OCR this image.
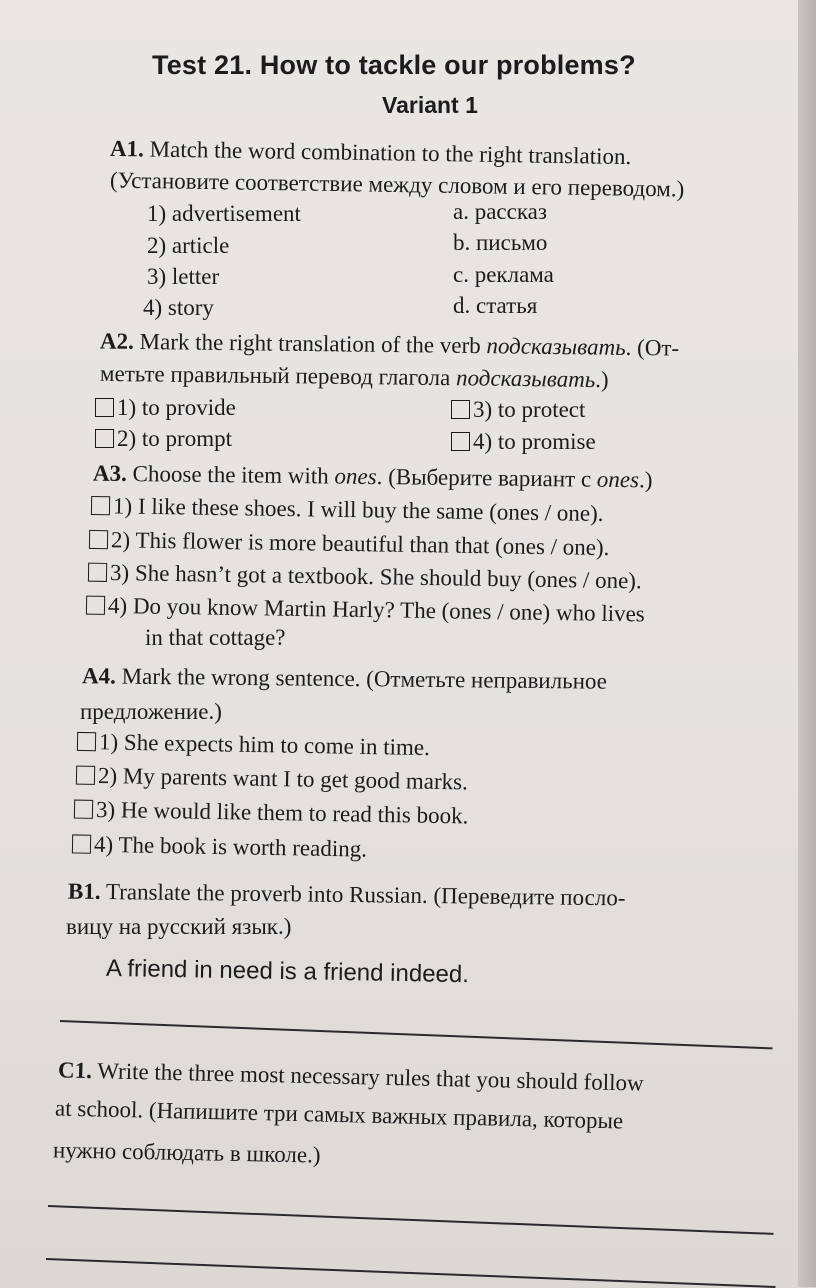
Test 21. How to tackle our problems?
Variant 1
A1. Match the word combination to the right translation.
(Установите соответствие между словом и его переводом.)
1) advertisement
2) article
3) letter
4) story
a. рассказ
b. письмо
c. реклама
d. статья
A2. Mark the right translation of the verb подсказывать. (От-
метьте правильный перевод глагола подсказывать.)
1) to provide
2) to prompt
3) to protect
4) to promise
A3. Choose the item with ones. (Выберите вариант с ones.)
1) I like these shoes. I will buy the same (ones / one).
2) This flower is more beautiful than that (ones / one).
3) She hasn’t got a textbook. She should buy (ones / one).
4) Do you know Martin Harly? The (ones / one) who lives
in that cottage?
A4. Mark the wrong sentence. (Отметьте неправильное
предложение.)
1) She expects him to come in time.
2) My parents want I to get good marks.
3) He would like them to read this book.
4) The book is worth reading.
B1. Translate the proverb into Russian. (Переведите посло-
вицу на русский язык.)
A friend in need is a friend indeed.
C1. Write the three most necessary rules that you should follow
at school. (Напишите три самых важных правила, которые
нужно соблюдать в школе.)
